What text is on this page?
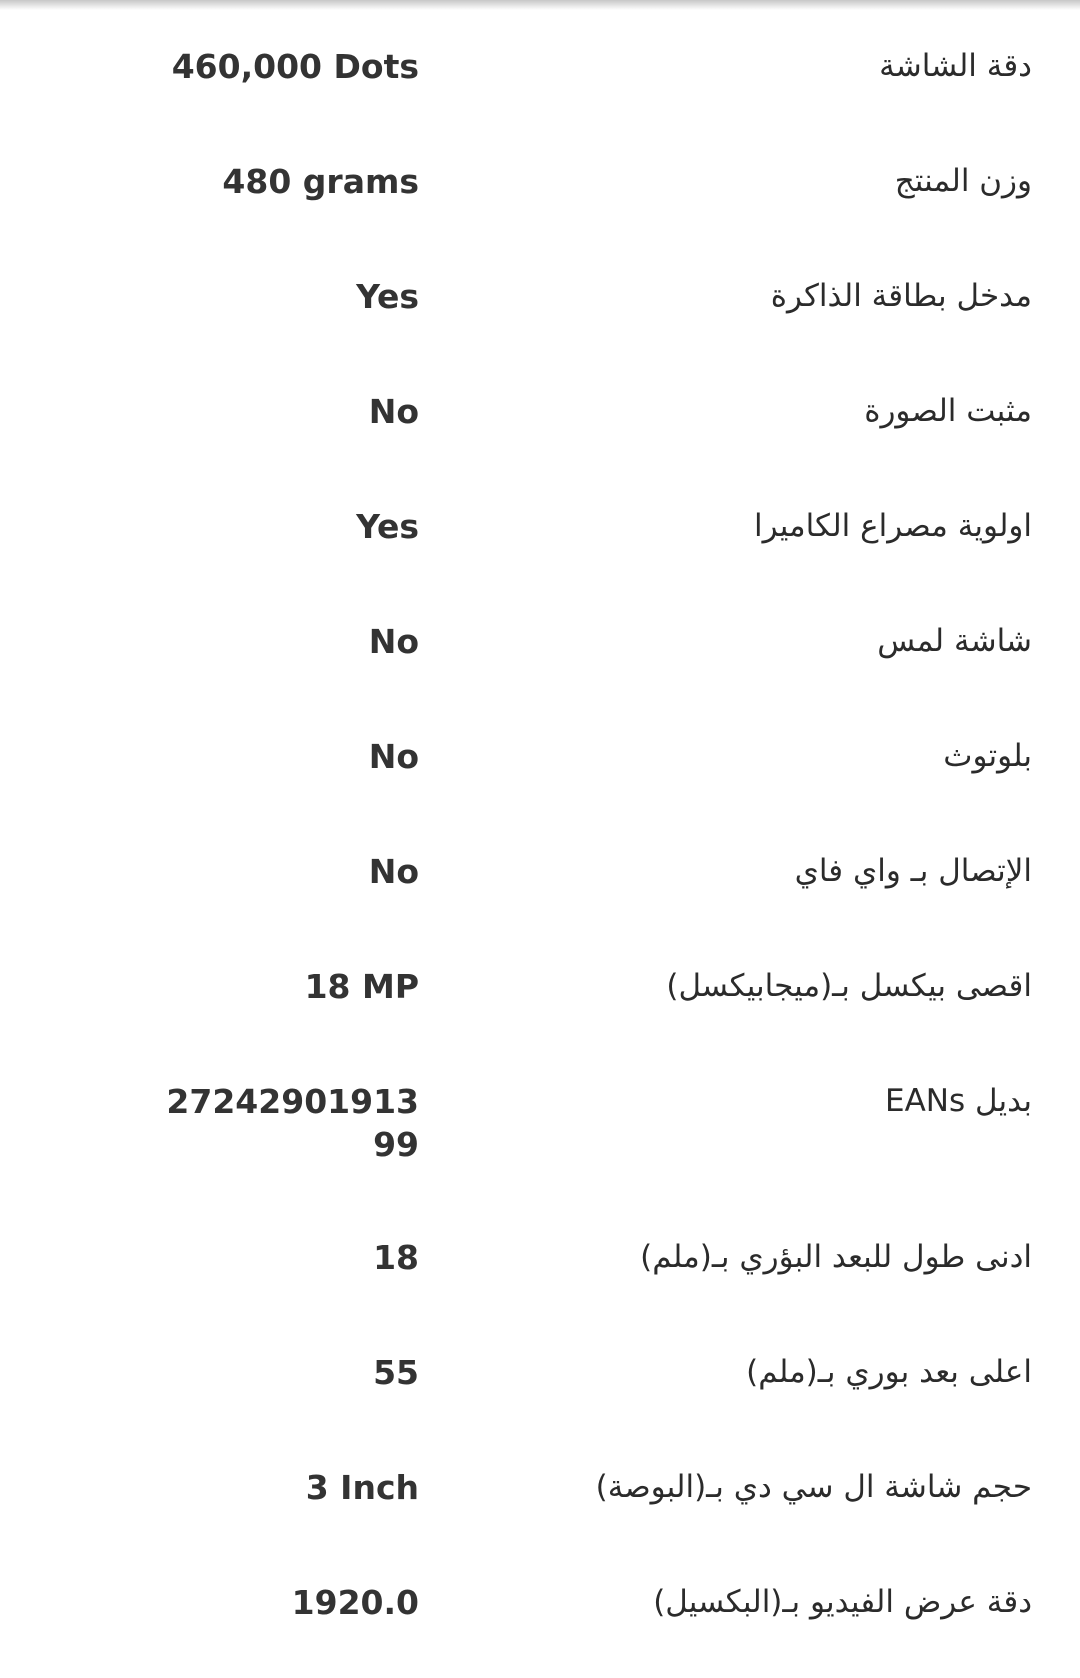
دقة الشاشة
460,000 Dots
وزن المنتج
480 grams
مدخل بطاقة الذاكرة
Yes
مثبت الصورة
No
اولوية مصراع الكاميرا
Yes
شاشة لمس
No
بلوتوث
No
الإتصال بـ واي فاي
No
اقصى بيكسل بـ(ميجابيكسل)
18 MP
بديل EANs
2724290191399
ادنى طول للبعد البؤري بـ(ملم)
18
اعلى بعد بوري بـ(ملم)
55
حجم شاشة ال سي دي بـ(البوصة)
3 Inch
دقة عرض الفيديو بـ(البكسيل)
1920.0
